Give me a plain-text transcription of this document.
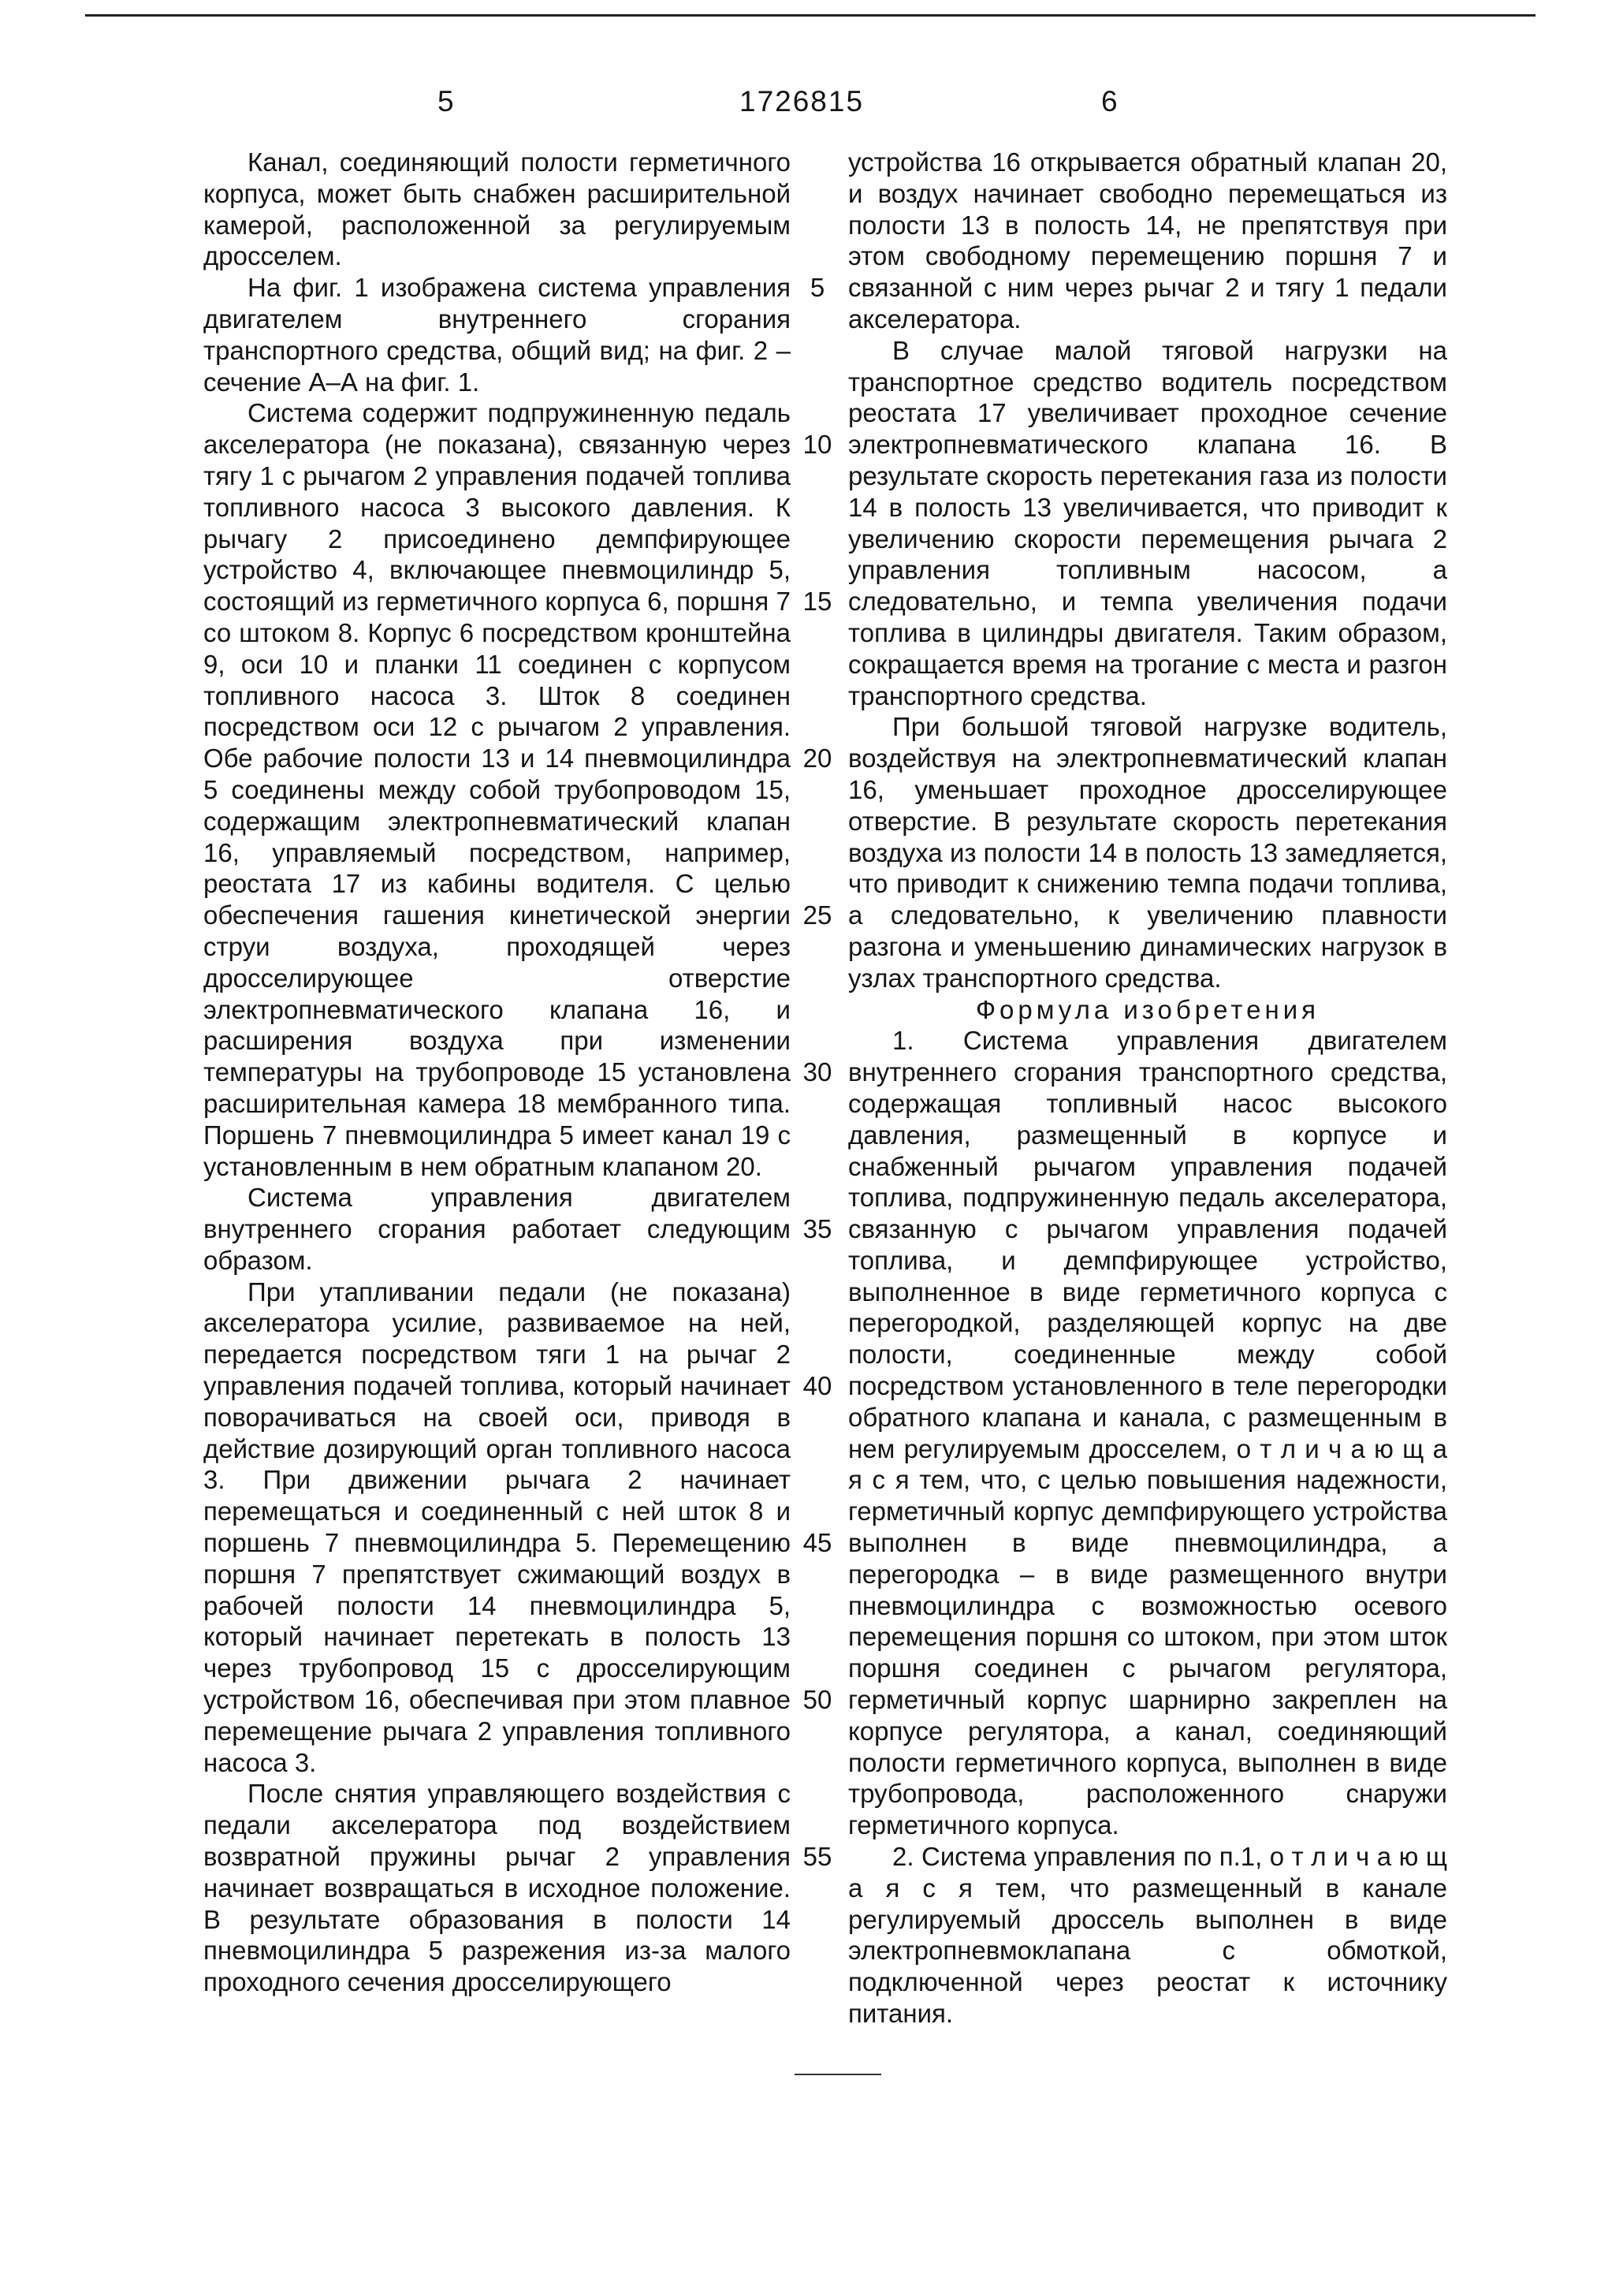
5	1726815	6

Канал, соединяющий полости герметичного корпуса, может быть снабжен расширительной камерой, расположенной за регулируемым дросселем.

На фиг. 1 изображена система управления двигателем внутреннего сгорания транспортного средства, общий вид; на фиг. 2 – сечение А–А на фиг. 1.

Система содержит подпружиненную педаль акселератора (не показана), связанную через тягу 1 с рычагом 2 управления подачей топлива топливного насоса 3 высокого давления. К рычагу 2 присоединено демпфирующее устройство 4, включающее пневмоцилиндр 5, состоящий из герметичного корпуса 6, поршня 7 со штоком 8. Корпус 6 посредством кронштейна 9, оси 10 и планки 11 соединен с корпусом топливного насоса 3. Шток 8 соединен посредством оси 12 с рычагом 2 управления. Обе рабочие полости 13 и 14 пневмоцилиндра 5 соединены между собой трубопроводом 15, содержащим электропневматический клапан 16, управляемый посредством, например, реостата 17 из кабины водителя. С целью обеспечения гашения кинетической энергии струи воздуха, проходящей через дросселирующее отверстие электропневматического клапана 16, и расширения воздуха при изменении температуры на трубопроводе 15 установлена расширительная камера 18 мембранного типа. Поршень 7 пневмоцилиндра 5 имеет канал 19 с установленным в нем обратным клапаном 20.

Система управления двигателем внутреннего сгорания работает следующим образом.

При утапливании педали (не показана) акселератора усилие, развиваемое на ней, передается посредством тяги 1 на рычаг 2 управления подачей топлива, который начинает поворачиваться на своей оси, приводя в действие дозирующий орган топливного насоса 3. При движении рычага 2 начинает перемещаться и соединенный с ней шток 8 и поршень 7 пневмоцилиндра 5. Перемещению поршня 7 препятствует сжимающий воздух в рабочей полости 14 пневмоцилиндра 5, который начинает перетекать в полость 13 через трубопровод 15 с дросселирующим устройством 16, обеспечивая при этом плавное перемещение рычага 2 управления топливного насоса 3.

После снятия управляющего воздействия с педали акселератора под воздействием возвратной пружины рычаг 2 управления начинает возвращаться в исходное положение. В результате образования в полости 14 пневмоцилиндра 5 разрежения из-за малого проходного сечения дросселирующего

5
10
15
20
25
30
35
40
45
50
55

устройства 16 открывается обратный клапан 20, и воздух начинает свободно перемещаться из полости 13 в полость 14, не препятствуя при этом свободному перемещению поршня 7 и связанной с ним через рычаг 2 и тягу 1 педали акселератора.

В случае малой тяговой нагрузки на транспортное средство водитель посредством реостата 17 увеличивает проходное сечение электропневматического клапана 16. В результате скорость перетекания газа из полости 14 в полость 13 увеличивается, что приводит к увеличению скорости перемещения рычага 2 управления топливным насосом, а следовательно, и темпа увеличения подачи топлива в цилиндры двигателя. Таким образом, сокращается время на трогание с места и разгон транспортного средства.

При большой тяговой нагрузке водитель, воздействуя на электропневматический клапан 16, уменьшает проходное дросселирующее отверстие. В результате скорость перетекания воздуха из полости 14 в полость 13 замедляется, что приводит к снижению темпа подачи топлива, а следовательно, к увеличению плавности разгона и уменьшению динамических нагрузок в узлах транспортного средства.

Формула изобретения

1. Система управления двигателем внутреннего сгорания транспортного средства, содержащая топливный насос высокого давления, размещенный в корпусе и снабженный рычагом управления подачей топлива, подпружиненную педаль акселератора, связанную с рычагом управления подачей топлива, и демпфирующее устройство, выполненное в виде герметичного корпуса с перегородкой, разделяющей корпус на две полости, соединенные между собой посредством установленного в теле перегородки обратного клапана и канала, с размещенным в нем регулируемым дросселем, о т л и ч а ю щ а я с я тем, что, с целью повышения надежности, герметичный корпус демпфирующего устройства выполнен в виде пневмоцилиндра, а перегородка – в виде размещенного внутри пневмоцилиндра с возможностью осевого перемещения поршня со штоком, при этом шток поршня соединен с рычагом регулятора, герметичный корпус шарнирно закреплен на корпусе регулятора, а канал, соединяющий полости герметичного корпуса, выполнен в виде трубопровода, расположенного снаружи герметичного корпуса.

2. Система управления по п.1, о т л и ч а ю щ а я с я тем, что размещенный в канале регулируемый дроссель выполнен в виде электропневмоклапана с обмоткой, подключенной через реостат к источнику питания.
